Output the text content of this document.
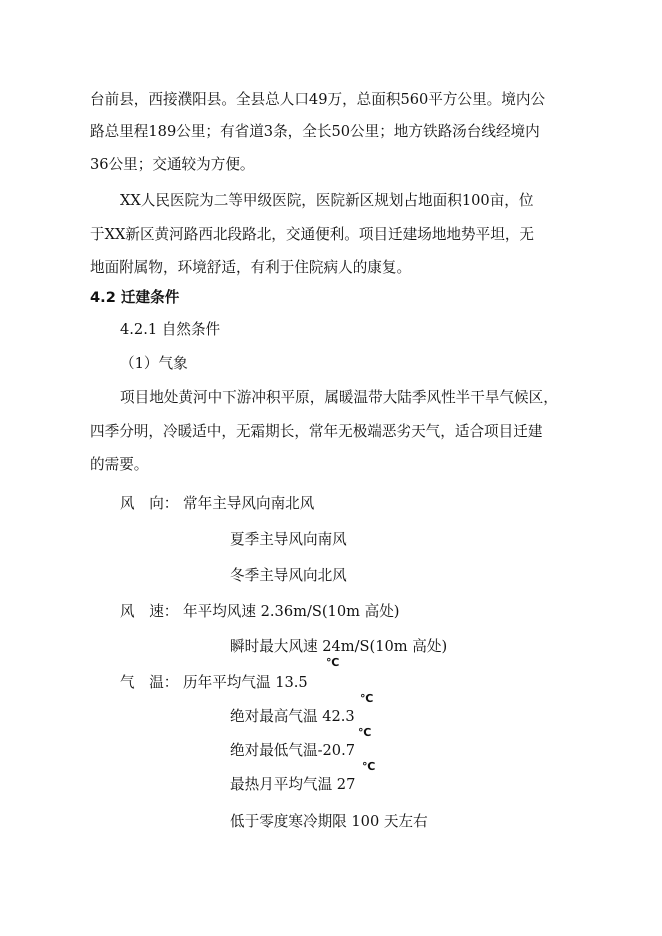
台前县，西接濮阳县。全县总人口49万，总面积560平方公里。境内公
路总里程189公里；有省道3条，全长50公里；地方铁路汤台线经境内
36公里；交通较为方便。
XX人民医院为二等甲级医院，医院新区规划占地面积100亩，位
于XX新区黄河路西北段路北，交通便利。项目迁建场地地势平坦，无
地面附属物，环境舒适，有利于住院病人的康复。
4.2 迁建条件
4.2.1 自然条件
（1）气象
项目地处黄河中下游冲积平原，属暖温带大陆季风性半干旱气候区，
四季分明，冷暖适中，无霜期长，常年无极端恶劣天气，适合项目迁建
的需要。
风　向： 常年主导风向南北风
夏季主导风向南风
冬季主导风向北风
风　速： 年平均风速 2.36m/S(10m 高处)
瞬时最大风速 24m/S(10m 高处)
℃
气　温： 历年平均气温 13.5
℃
绝对最高气温 42.3
℃
绝对最低气温-20.7
℃
最热月平均气温 27
低于零度寒冷期限 100 天左右
